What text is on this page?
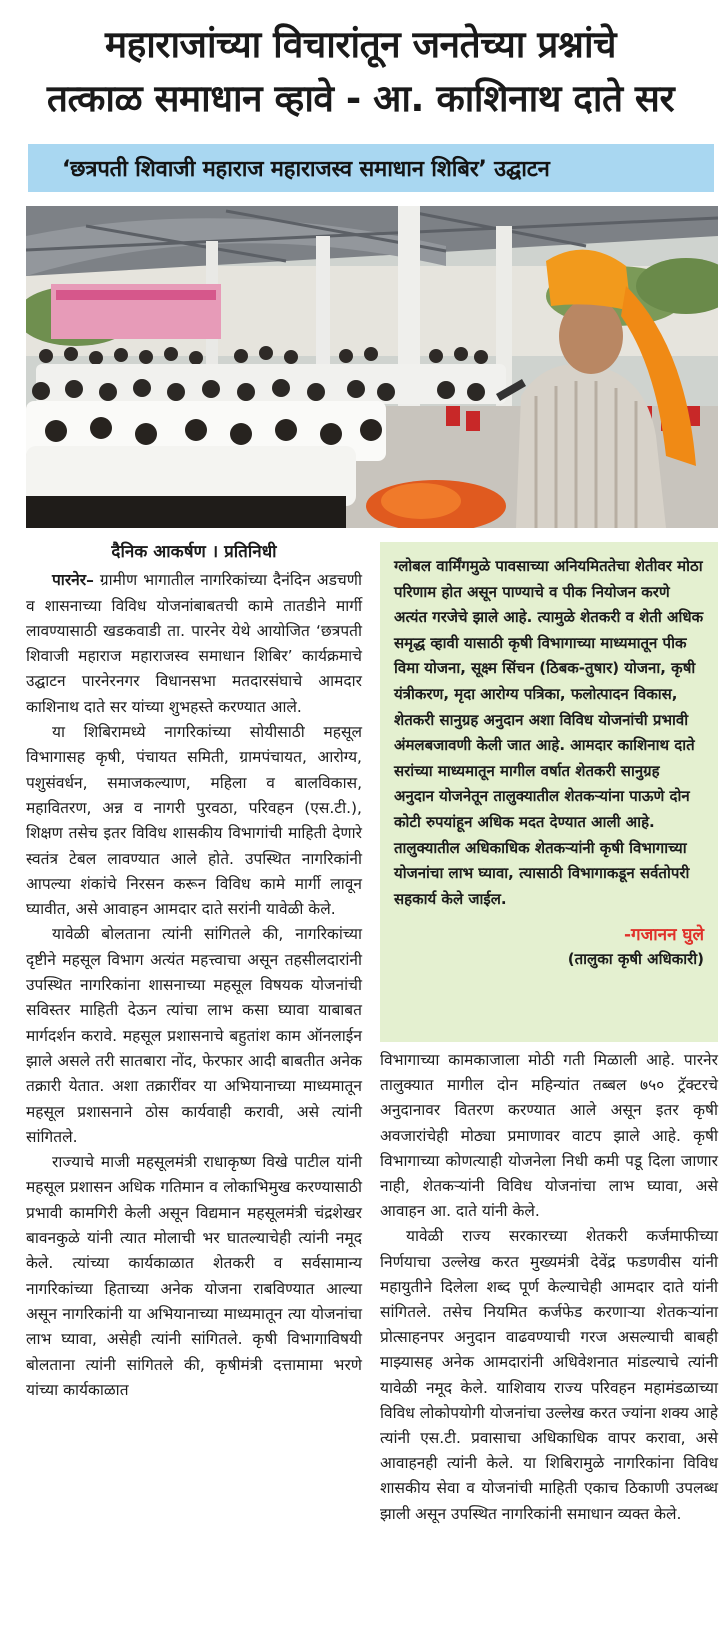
महाराजांच्या विचारांतून जनतेच्या प्रश्नांचे
तत्काळ समाधान व्हावे - आ. काशिनाथ दाते सर
‘छत्रपती शिवाजी महाराज महाराजस्व समाधान शिबिर’ उद्घाटन
दैनिक आकर्षण । प्रतिनिधी

पारनेर– ग्रामीण भागातील नागरिकांच्या दैनंदिन अडचणी व शासनाच्या विविध योजनांबाबतची कामे तातडीने मार्गी लावण्यासाठी खडकवाडी ता. पारनेर येथे आयोजित ‘छत्रपती शिवाजी महाराज महाराजस्व समाधान शिबिर’ कार्यक्रमाचे उद्घाटन पारनेरनगर विधानसभा मतदारसंघाचे आमदार काशिनाथ दाते सर यांच्या शुभहस्ते करण्यात आले.

या शिबिरामध्ये नागरिकांच्या सोयीसाठी महसूल विभागासह कृषी, पंचायत समिती, ग्रामपंचायत, आरोग्य, पशुसंवर्धन, समाजकल्याण, महिला व बालविकास, महावितरण, अन्न व नागरी पुरवठा, परिवहन (एस.टी.), शिक्षण तसेच इतर विविध शासकीय विभागांची माहिती देणारे स्वतंत्र टेबल लावण्यात आले होते. उपस्थित नागरिकांनी आपल्या शंकांचे निरसन करून विविध कामे मार्गी लावून घ्यावीत, असे आवाहन आमदार दाते सरांनी यावेळी केले.

यावेळी बोलताना त्यांनी सांगितले की, नागरिकांच्या दृष्टीने महसूल विभाग अत्यंत महत्त्वाचा असून तहसीलदारांनी उपस्थित नागरिकांना शासनाच्या महसूल विषयक योजनांची सविस्तर माहिती देऊन त्यांचा लाभ कसा घ्यावा याबाबत मार्गदर्शन करावे. महसूल प्रशासनाचे बहुतांश काम ऑनलाईन झाले असले तरी सातबारा नोंद, फेरफार आदी बाबतीत अनेक तक्रारी येतात. अशा तक्रारींवर या अभियानाच्या माध्यमातून महसूल प्रशासनाने ठोस कार्यवाही करावी, असे त्यांनी सांगितले.

राज्याचे माजी महसूलमंत्री राधाकृष्ण विखे पाटील यांनी महसूल प्रशासन अधिक गतिमान व लोकाभिमुख करण्यासाठी प्रभावी कामगिरी केली असून विद्यमान महसूलमंत्री चंद्रशेखर बावनकुळे यांनी त्यात मोलाची भर घातल्याचेही त्यांनी नमूद केले. त्यांच्या कार्यकाळात शेतकरी व सर्वसामान्य नागरिकांच्या हिताच्या अनेक योजना राबविण्यात आल्या असून नागरिकांनी या अभियानाच्या माध्यमातून त्या योजनांचा लाभ घ्यावा, असेही त्यांनी सांगितले. कृषी विभागाविषयी बोलताना त्यांनी सांगितले की, कृषीमंत्री दत्तामामा भरणे यांच्या कार्यकाळात

ग्लोबल वार्मिंगमुळे पावसाच्या अनियमिततेचा शेतीवर मोठा परिणाम होत असून पाण्याचे व पीक नियोजन करणे अत्यंत गरजेचे झाले आहे. त्यामुळे शेतकरी व शेती अधिक समृद्ध व्हावी यासाठी कृषी विभागाच्या माध्यमातून पीक विमा योजना, सूक्ष्म सिंचन (ठिबक-तुषार) योजना, कृषी यंत्रीकरण, मृदा आरोग्य पत्रिका, फलोत्पादन विकास, शेतकरी सानुग्रह अनुदान अशा विविध योजनांची प्रभावी अंमलबजावणी केली जात आहे. आमदार काशिनाथ दाते सरांच्या माध्यमातून मागील वर्षात शेतकरी सानुग्रह अनुदान योजनेतून तालुक्यातील शेतकऱ्यांना पाऊणे दोन कोटी रुपयांहून अधिक मदत देण्यात आली आहे. तालुक्यातील अधिकाधिक शेतकऱ्यांनी कृषी विभागाच्या योजनांचा लाभ घ्यावा, त्यासाठी विभागाकडून सर्वतोपरी सहकार्य केले जाईल.

-गजानन घुले
(तालुका कृषी अधिकारी)

विभागाच्या कामकाजाला मोठी गती मिळाली आहे. पारनेर तालुक्यात मागील दोन महिन्यांत तब्बल ७५० ट्रॅक्टरचे अनुदानावर वितरण करण्यात आले असून इतर कृषी अवजारांचेही मोठ्या प्रमाणावर वाटप झाले आहे. कृषी विभागाच्या कोणत्याही योजनेला निधी कमी पडू दिला जाणार नाही, शेतकऱ्यांनी विविध योजनांचा लाभ घ्यावा, असे आवाहन आ. दाते यांनी केले.

यावेळी राज्य सरकारच्या शेतकरी कर्जमाफीच्या निर्णयाचा उल्लेख करत मुख्यमंत्री देवेंद्र फडणवीस यांनी महायुतीने दिलेला शब्द पूर्ण केल्याचेही आमदार दाते यांनी सांगितले. तसेच नियमित कर्जफेड करणाऱ्या शेतकऱ्यांना प्रोत्साहनपर अनुदान वाढवण्याची गरज असल्याची बाबही माझ्यासह अनेक आमदारांनी अधिवेशनात मांडल्याचे त्यांनी यावेळी नमूद केले. याशिवाय राज्य परिवहन महामंडळाच्या विविध लोकोपयोगी योजनांचा उल्लेख करत ज्यांना शक्य आहे त्यांनी एस.टी. प्रवासाचा अधिकाधिक वापर करावा, असे आवाहनही त्यांनी केले. या शिबिरामुळे नागरिकांना विविध शासकीय सेवा व योजनांची माहिती एकाच ठिकाणी उपलब्ध झाली असून उपस्थित नागरिकांनी समाधान व्यक्त केले.
